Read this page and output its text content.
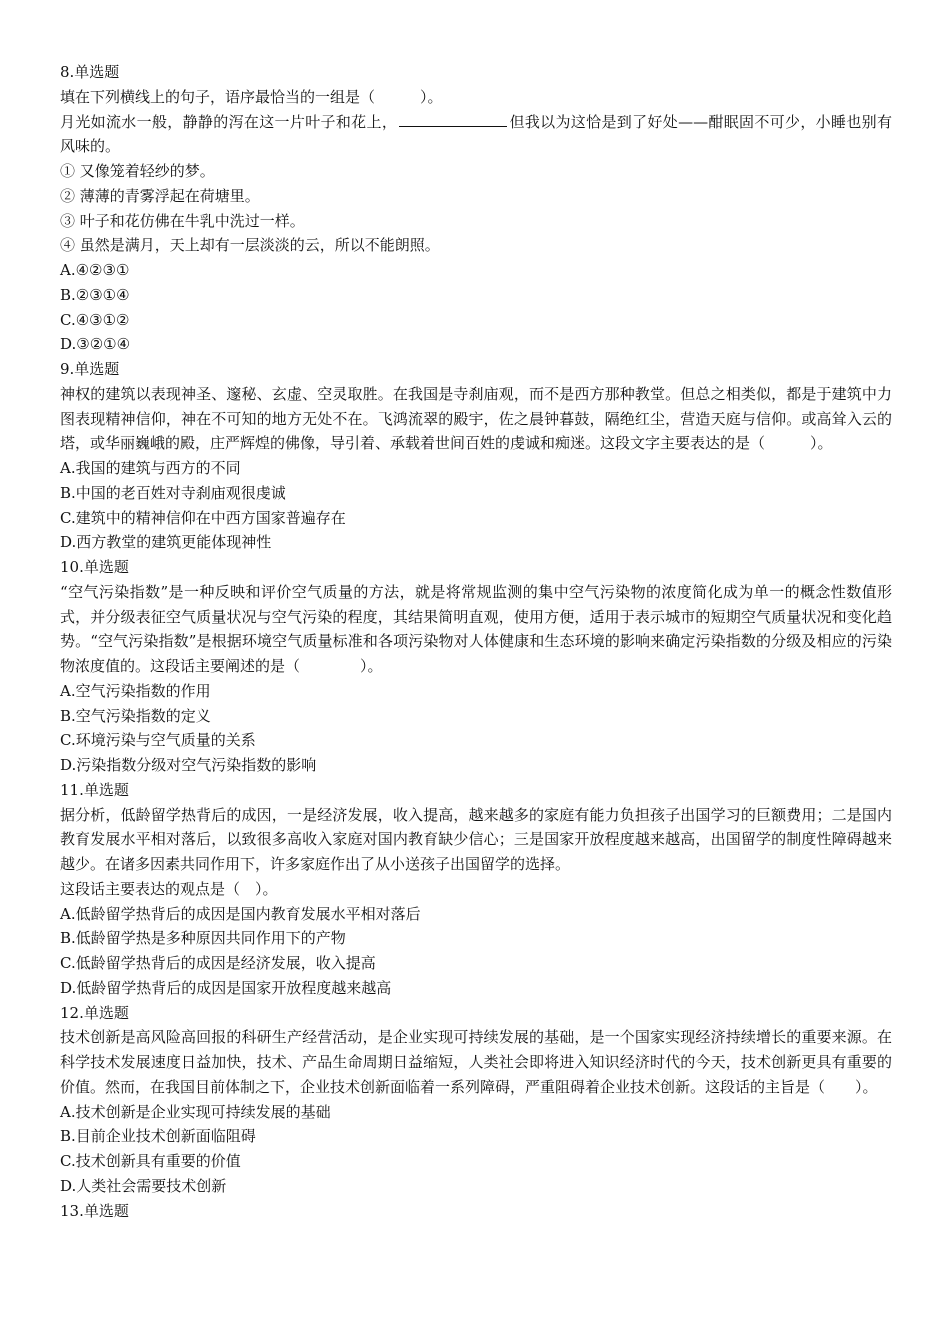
8.单选题
填在下列横线上的句子，语序最恰当的一组是（　　　）。
月光如流水一般，静静的泻在这一片叶子和花上，	但我以为这恰是到了好处——酣眠固不可少，小睡也别有风味的。
① 又像笼着轻纱的梦。
② 薄薄的青雾浮起在荷塘里。
③ 叶子和花仿佛在牛乳中洗过一样。
④ 虽然是满月，天上却有一层淡淡的云，所以不能朗照。
A.④②③①
B.②③①④
C.④③①②
D.③②①④
9.单选题
神权的建筑以表现神圣、邃秘、玄虚、空灵取胜。在我国是寺刹庙观，而不是西方那种教堂。但总之相类似，都是于建筑中力图表现精神信仰，神在不可知的地方无处不在。飞鸿流翠的殿宇，佐之晨钟暮鼓，隔绝红尘，营造天庭与信仰。或高耸入云的塔，或华丽巍峨的殿，庄严辉煌的佛像，导引着、承载着世间百姓的虔诚和痴迷。这段文字主要表达的是（　　　）。
A.我国的建筑与西方的不同
B.中国的老百姓对寺刹庙观很虔诚
C.建筑中的精神信仰在中西方国家普遍存在
D.西方教堂的建筑更能体现神性
10.单选题
“空气污染指数”是一种反映和评价空气质量的方法，就是将常规监测的集中空气污染物的浓度简化成为单一的概念性数值形式，并分级表征空气质量状况与空气污染的程度，其结果简明直观，使用方便，适用于表示城市的短期空气质量状况和变化趋势。“空气污染指数”是根据环境空气质量标准和各项污染物对人体健康和生态环境的影响来确定污染指数的分级及相应的污染物浓度值的。这段话主要阐述的是（　　　　）。
A.空气污染指数的作用
B.空气污染指数的定义
C.环境污染与空气质量的关系
D.污染指数分级对空气污染指数的影响
11.单选题
据分析，低龄留学热背后的成因，一是经济发展，收入提高，越来越多的家庭有能力负担孩子出国学习的巨额费用；二是国内教育发展水平相对落后，以致很多高收入家庭对国内教育缺少信心；三是国家开放程度越来越高，出国留学的制度性障碍越来越少。在诸多因素共同作用下，许多家庭作出了从小送孩子出国留学的选择。
这段话主要表达的观点是（　）。
A.低龄留学热背后的成因是国内教育发展水平相对落后
B.低龄留学热是多种原因共同作用下的产物
C.低龄留学热背后的成因是经济发展，收入提高
D.低龄留学热背后的成因是国家开放程度越来越高
12.单选题
技术创新是高风险高回报的科研生产经营活动，是企业实现可持续发展的基础，是一个国家实现经济持续增长的重要来源。在科学技术发展速度日益加快，技术、产品生命周期日益缩短，人类社会即将进入知识经济时代的今天，技术创新更具有重要的价值。然而，在我国目前体制之下，企业技术创新面临着一系列障碍，严重阻碍着企业技术创新。这段话的主旨是（　　）。
A.技术创新是企业实现可持续发展的基础
B.目前企业技术创新面临阻碍
C.技术创新具有重要的价值
D.人类社会需要技术创新
13.单选题
